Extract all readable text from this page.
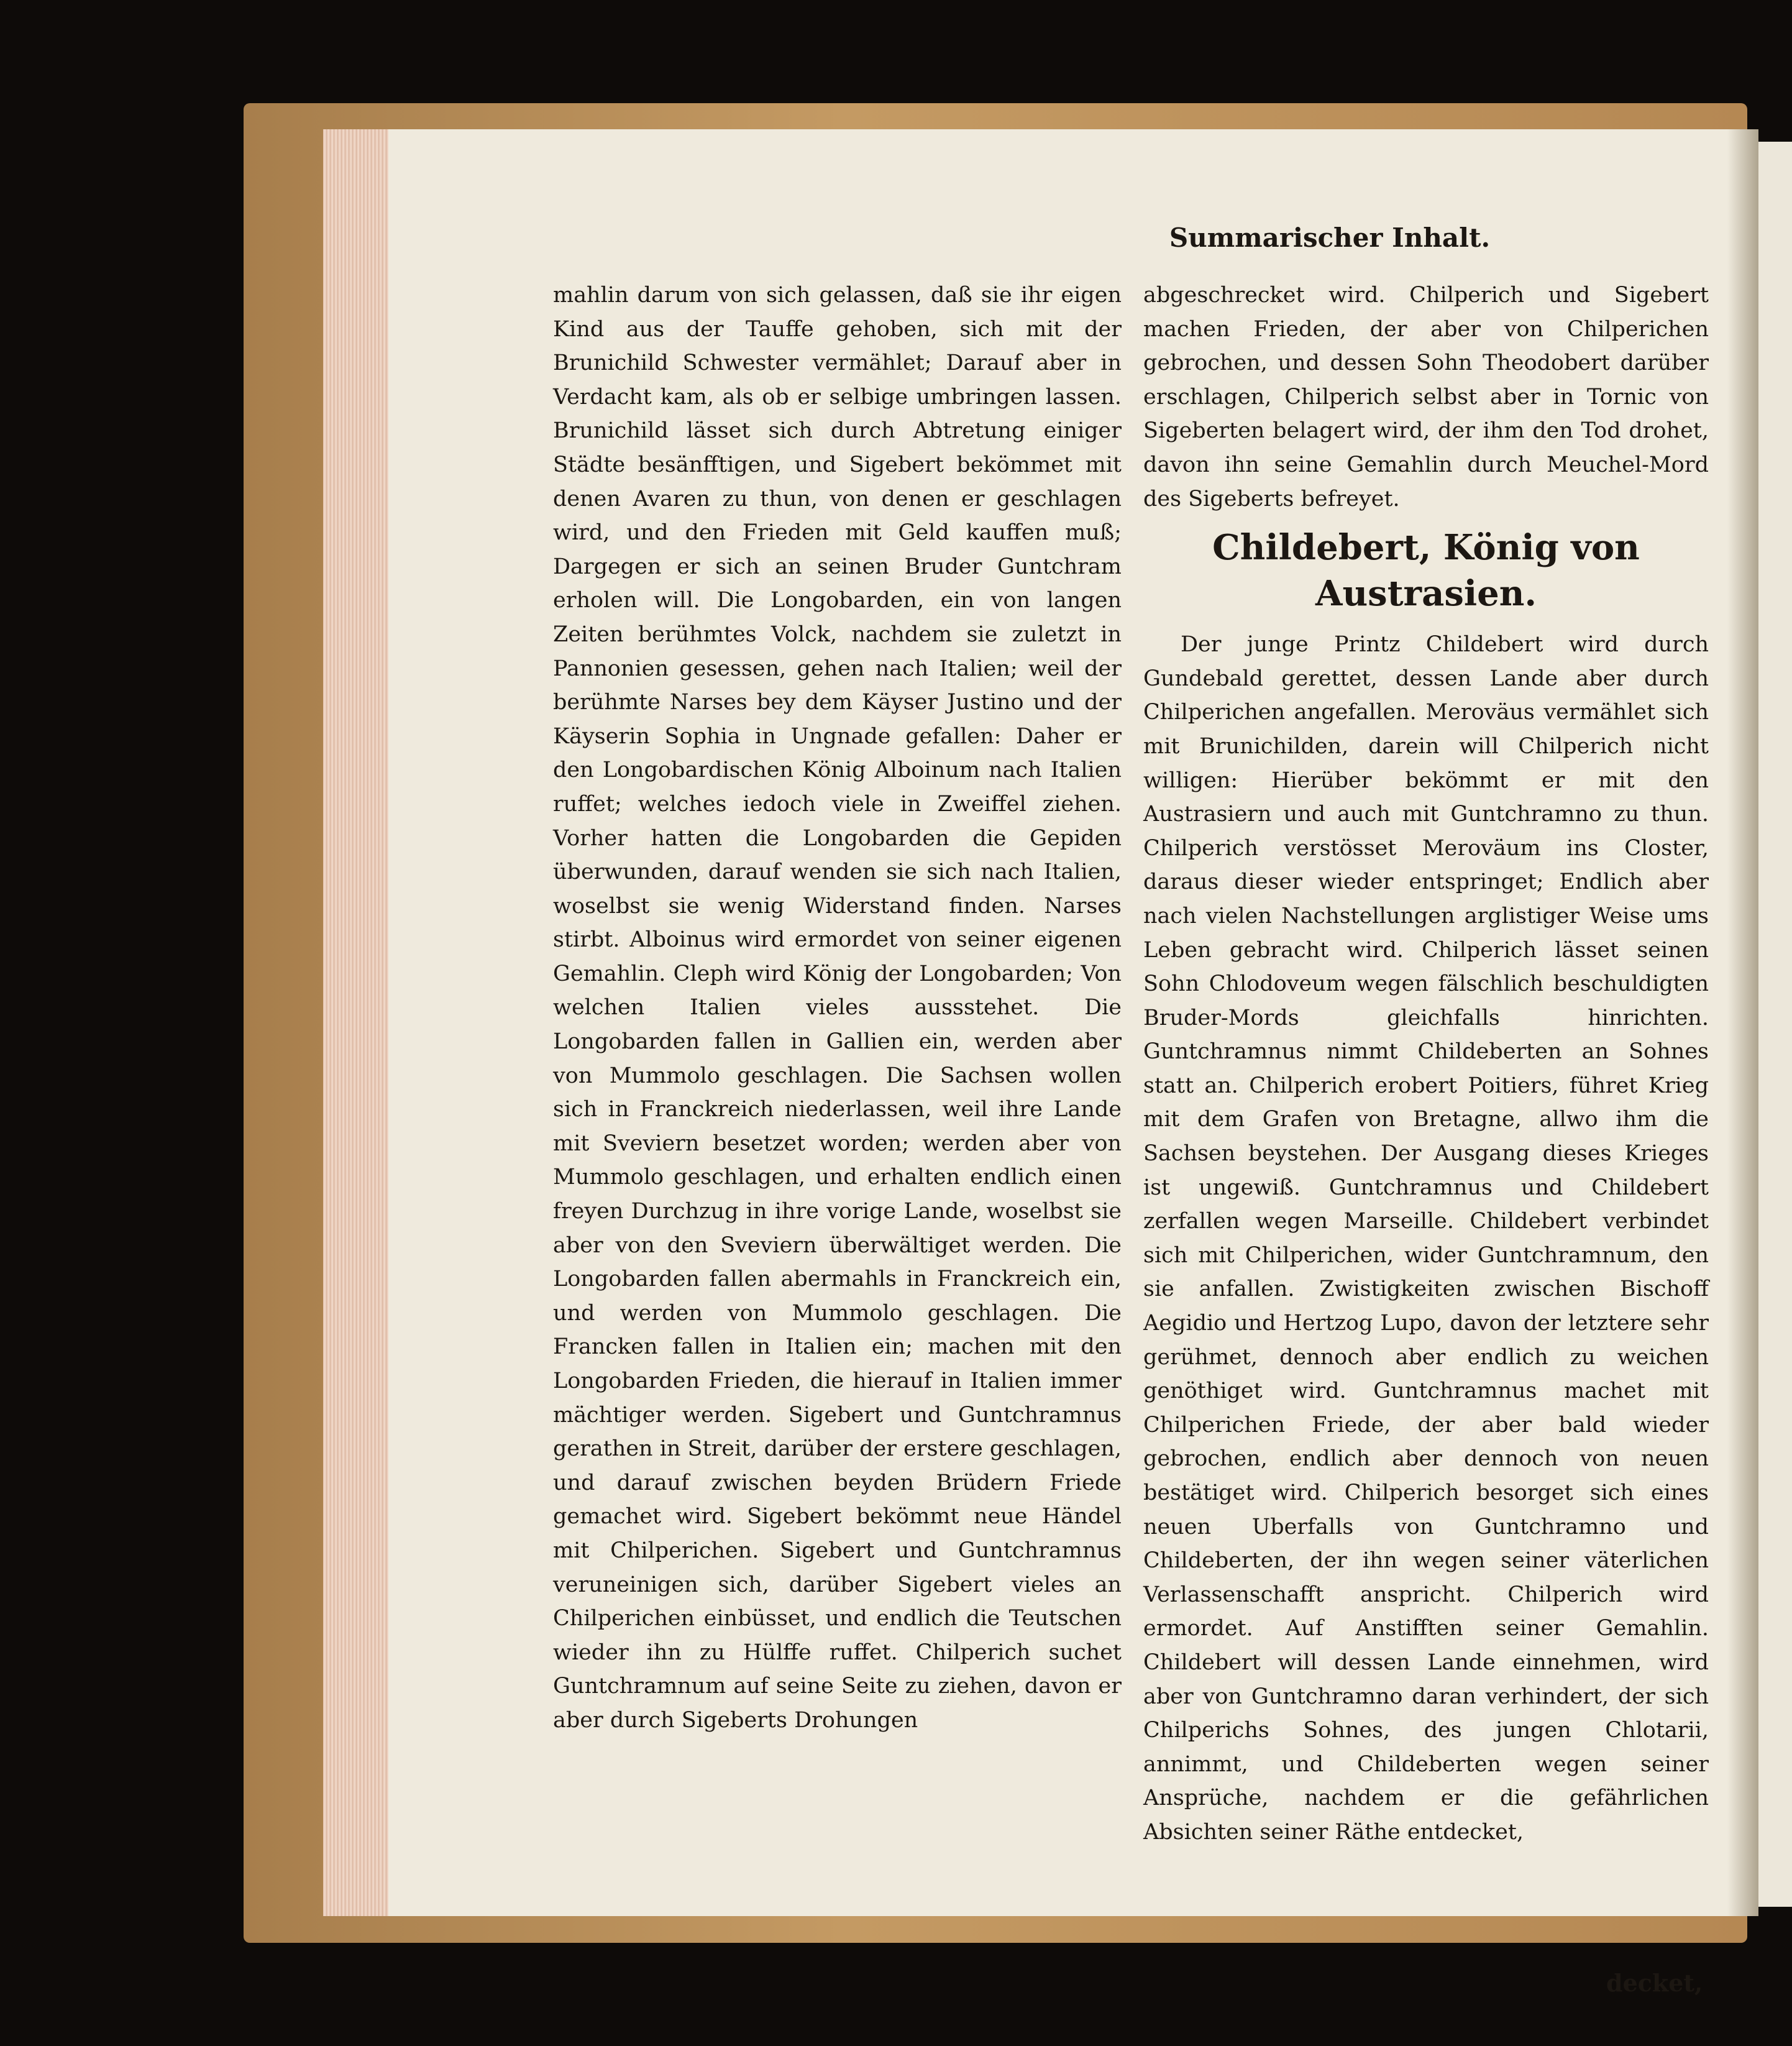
Summarischer Inhalt.

mahlin darum von sich gelassen, daß sie ihr eigen Kind aus der Tauffe gehoben, sich mit der Brunichild Schwester vermählet; Darauf aber in Verdacht kam, als ob er selbige umbringen lassen. Brunichild lässet sich durch Abtretung einiger Städte besänfftigen, und Sigebert bekömmet mit denen Avaren zu thun, von denen er geschlagen wird, und den Frieden mit Geld kauffen muß; Dargegen er sich an seinen Bruder Guntchram erholen will. Die Longobarden, ein von langen Zeiten berühmtes Volck, nachdem sie zuletzt in Pannonien gesessen, gehen nach Italien; weil der berühmte Narses bey dem Käyser Justino und der Käyserin Sophia in Ungnade gefallen: Daher er den Longobardischen König Alboinum nach Italien ruffet; welches iedoch viele in Zweiffel ziehen. Vorher hatten die Longobarden die Gepiden überwunden, darauf wenden sie sich nach Italien, woselbst sie wenig Widerstand finden. Narses stirbt. Alboinus wird ermordet von seiner eigenen Gemahlin. Cleph wird König der Longobarden; Von welchen Italien vieles aussstehet. Die Longobarden fallen in Gallien ein, werden aber von Mummolo geschlagen. Die Sachsen wollen sich in Franckreich niederlassen, weil ihre Lande mit Sveviern besetzet worden; werden aber von Mummolo geschlagen, und erhalten endlich einen freyen Durchzug in ihre vorige Lande, woselbst sie aber von den Sveviern überwältiget werden. Die Longobarden fallen abermahls in Franckreich ein, und werden von Mummolo geschlagen. Die Francken fallen in Italien ein; machen mit den Longobarden Frieden, die hierauf in Italien immer mächtiger werden. Sigebert und Guntchramnus gerathen in Streit, darüber der erstere geschlagen, und darauf zwischen beyden Brüdern Friede gemachet wird. Sigebert bekömmt neue Händel mit Chilperichen. Sigebert und Guntchramnus veruneinigen sich, darüber Sigebert vieles an Chilperichen einbüsset, und endlich die Teutschen wieder ihn zu Hülffe ruffet. Chilperich suchet Guntchramnum auf seine Seite zu ziehen, davon er aber durch Sigeberts Drohungen

abgeschrecket wird. Chilperich und Sigebert machen Frieden, der aber von Chilperichen gebrochen, und dessen Sohn Theodobert darüber erschlagen, Chilperich selbst aber in Tornic von Sigeberten belagert wird, der ihm den Tod drohet, davon ihn seine Gemahlin durch Meuchel-Mord des Sigeberts befreyet.

Childebert, König von Austrasien.

Der junge Printz Childebert wird durch Gundebald gerettet, dessen Lande aber durch Chilperichen angefallen. Meroväus vermählet sich mit Brunichilden, darein will Chilperich nicht willigen: Hierüber bekömmt er mit den Austrasiern und auch mit Guntchramno zu thun. Chilperich verstösset Meroväum ins Closter, daraus dieser wieder entspringet; Endlich aber nach vielen Nachstellungen arglistiger Weise ums Leben gebracht wird. Chilperich lässet seinen Sohn Chlodoveum wegen fälschlich beschuldigten Bruder-Mords gleichfalls hinrichten. Guntchramnus nimmt Childeberten an Sohnes statt an. Chilperich erobert Poitiers, führet Krieg mit dem Grafen von Bretagne, allwo ihm die Sachsen beystehen. Der Ausgang dieses Krieges ist ungewiß. Guntchramnus und Childebert zerfallen wegen Marseille. Childebert verbindet sich mit Chilperichen, wider Guntchramnum, den sie anfallen. Zwistigkeiten zwischen Bischoff Aegidio und Hertzog Lupo, davon der letztere sehr gerühmet, dennoch aber endlich zu weichen genöthiget wird. Guntchramnus machet mit Chilperichen Friede, der aber bald wieder gebrochen, endlich aber dennoch von neuen bestätiget wird. Chilperich besorget sich eines neuen Uberfalls von Guntchramno und Childeberten, der ihn wegen seiner väterlichen Verlassenschafft anspricht. Chilperich wird ermordet. Auf Anstifften seiner Gemahlin. Childebert will dessen Lande einnehmen, wird aber von Guntchramno daran verhindert, der sich Chilperichs Sohnes, des jungen Chlotarii, annimmt, und Childeberten wegen seiner Ansprüche, nachdem er die gefährlichen Absichten seiner Räthe entdecket,

decket,
